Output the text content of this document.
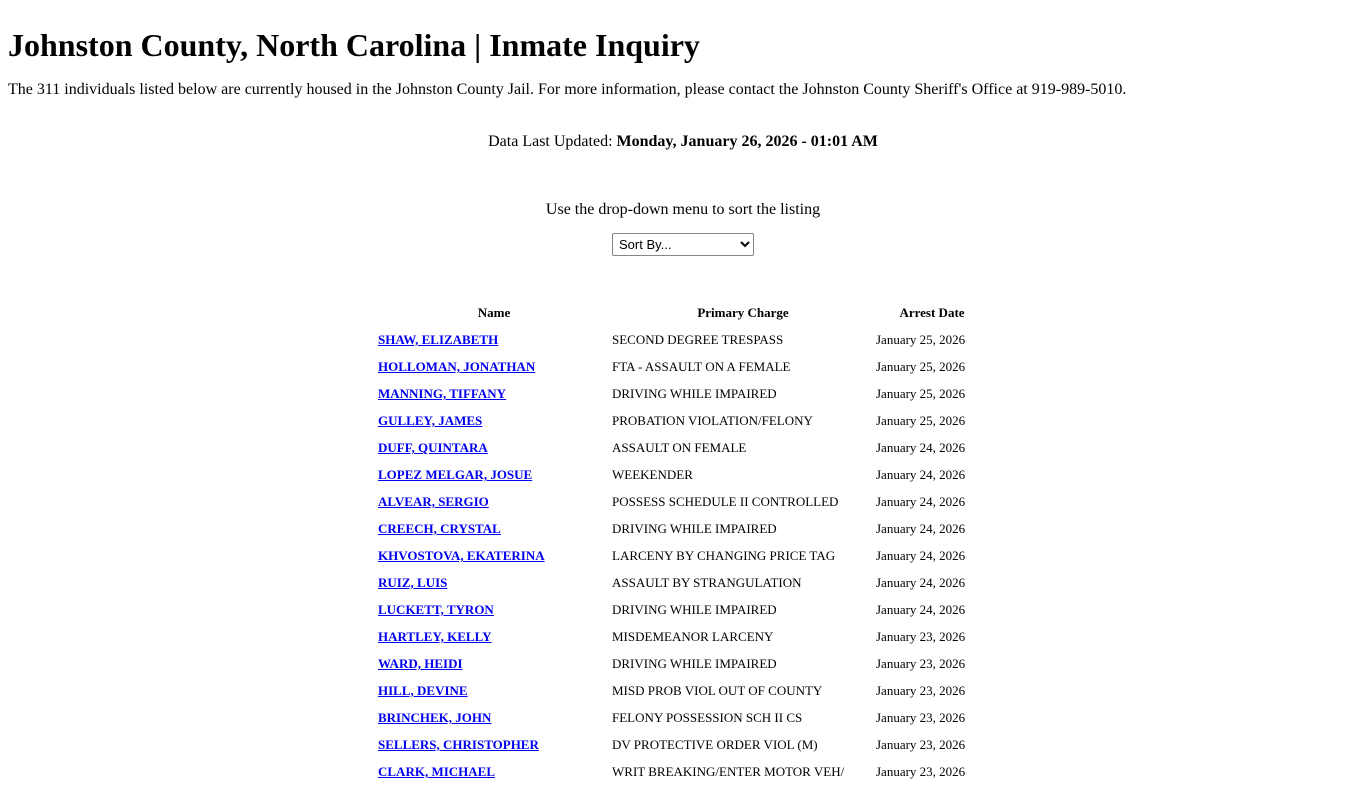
Johnston County, North Carolina | Inmate Inquiry

The 311 individuals listed below are currently housed in the Johnston County Jail. For more information, please contact the Johnston County Sheriff's Office at 919-989-5010.

Data Last Updated: Monday, January 26, 2026 - 01:01 AM
Use the drop-down menu to sort the listing
Sort By...
Name	Primary Charge	Arrest Date
SHAW, ELIZABETH	SECOND DEGREE TRESPASS	January 25, 2026
HOLLOMAN, JONATHAN	FTA - ASSAULT ON A FEMALE	January 25, 2026
MANNING, TIFFANY	DRIVING WHILE IMPAIRED	January 25, 2026
GULLEY, JAMES	PROBATION VIOLATION/FELONY	January 25, 2026
DUFF, QUINTARA	ASSAULT ON FEMALE	January 24, 2026
LOPEZ MELGAR, JOSUE	WEEKENDER	January 24, 2026
ALVEAR, SERGIO	POSSESS SCHEDULE II CONTROLLED	January 24, 2026
CREECH, CRYSTAL	DRIVING WHILE IMPAIRED	January 24, 2026
KHVOSTOVA, EKATERINA	LARCENY BY CHANGING PRICE TAG	January 24, 2026
RUIZ, LUIS	ASSAULT BY STRANGULATION	January 24, 2026
LUCKETT, TYRON	DRIVING WHILE IMPAIRED	January 24, 2026
HARTLEY, KELLY	MISDEMEANOR LARCENY	January 23, 2026
WARD, HEIDI	DRIVING WHILE IMPAIRED	January 23, 2026
HILL, DEVINE	MISD PROB VIOL OUT OF COUNTY	January 23, 2026
BRINCHEK, JOHN	FELONY POSSESSION SCH II CS	January 23, 2026
SELLERS, CHRISTOPHER	DV PROTECTIVE ORDER VIOL (M)	January 23, 2026
CLARK, MICHAEL	WRIT BREAKING/ENTER MOTOR VEH/	January 23, 2026
